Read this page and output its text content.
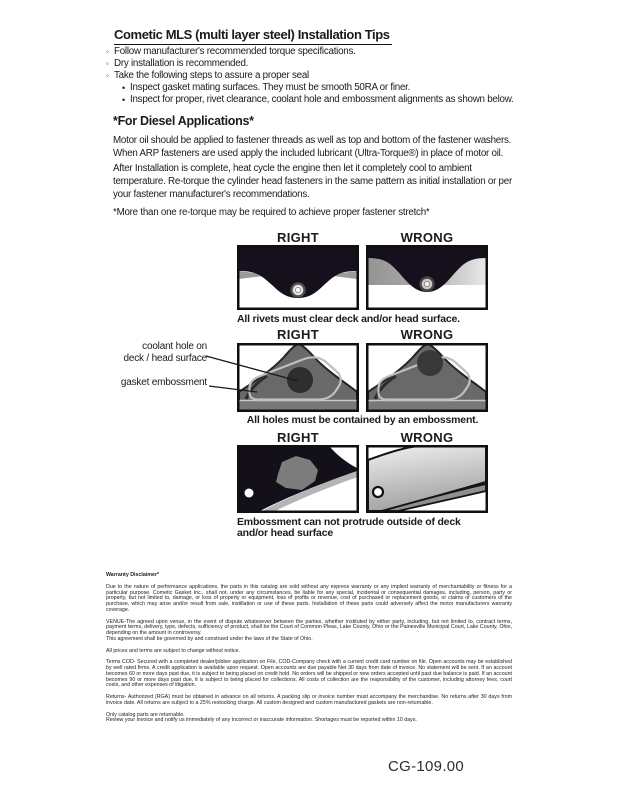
Cometic MLS (multi layer steel) Installation Tips
◦ Follow manufacturer's recommended torque specifications.
◦ Dry installation is recommended.
◦ Take the following steps to assure a proper seal
• Inspect gasket mating surfaces. They must be smooth 50RA or finer.
• Inspect for proper, rivet clearance, coolant hole and embossment alignments as shown below.
*For Diesel Applications*
Motor oil should be applied to fastener threads as well as top and bottom of the fastener washers. When ARP fasteners are used apply the included lubricant (Ultra-Torque®) in place of motor oil.
After Installation is complete, heat cycle the engine then let it completely cool to ambient temperature. Re-torque the cylinder head fasteners in the same pattern as initial installation or per your fastener manufacturer's recommendations.
*More than one re-torque may be required to achieve proper fastener stretch*
RIGHT	WRONG
All rivets must clear deck and/or head surface.
RIGHT	WRONG
All holes must be contained by an embossment.
coolant hole on
deck / head surface
gasket embossment
RIGHT	WRONG
Embossment can not protrude outside of deck
and/or head surface
Warranty Disclaimer*
Due to the nature of performance applications, the parts in this catalog are sold without any express warranty or any implied warranty of merchantability or fitness for a particular purpose. Cometic Gasket Inc., shall not, under any circumstances, be liable for any special, incidental or consequential damages, including, person, party or property, but not limited to, damage, or loss of property or equipment, loss of profits or revenue, cost of purchased or replacement goods, or claims of customers of the purchase, which may arise and/or result from sale, instillation or use of these parts. Installation of these parts could adversely affect the motor manufacturers warranty coverage.
VENUE-The agreed upon venue, in the event of dispute whatsoever between the parties, whether instituted by either party, including, but not limited to, contract terms, payment terms, delivery, type, defects, sufficiency of product, shall be the Court of Common Pleas, Lake County, Ohio or the Painesville Municipal Court, Lake County, Ohio, depending on the amount in controversy.
This agreement shall be governed by and construed under the laws of the State of Ohio.
All prices and terms are subject to change without notice.
Terms COD- Secured with a completed dealer/jobber application on File, COD-Company check with a current credit card number on file. Open accounts may be established by well rated firms. A credit application is available upon request. Open accounts are due payable Net 30 days from date of invoice. No statement will be sent. If an account becomes 60 or more days past due, it is subject to being placed on credit hold. No orders will be shipped or new orders accepted until past due balance is paid. If an account becomes 90 or more days past due, it is subject to being placed for collections. All costs of collection are the responsibility of the customer, including attorney fees, court costs, and other expenses of litigation.
Returns- Authorized (RGA) must be obtained in advance on all returns. A packing slip or invoice number must accompany the merchandise. No returns after 30 days from invoice date. All returns are subject to a 25% restocking charge. All custom designed and custom manufactured gaskets are non-returnable.
Only catalog parts are returnable.
Review your invoice and notify us immediately of any incorrect or inaccurate information. Shortages must be reported within 10 days.
CG-109.00
